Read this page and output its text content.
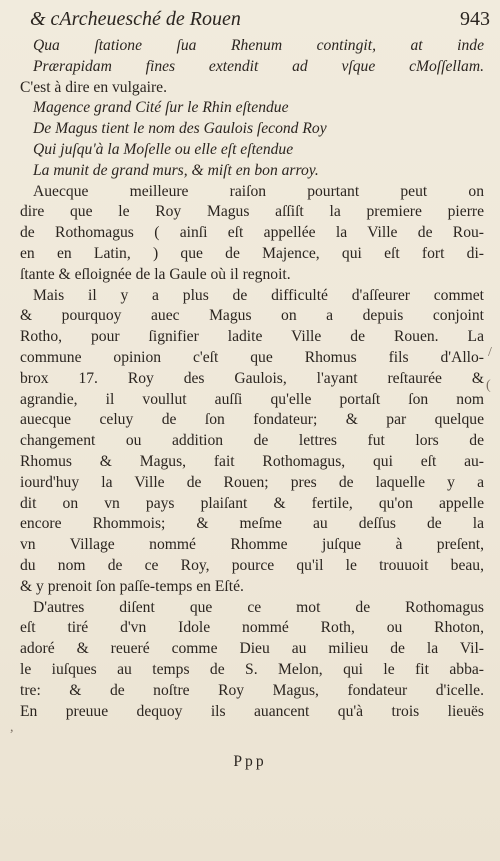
& cArcheuesché de Rouen	943
Qua ſtatione ſua Rhenum contingit, at inde
Prærapidam fines extendit ad vſque cMoſſellam.
C'est à dire en vulgaire.
Magence grand Cité ſur le Rhin eſtendue
De Magus tient le nom des Gaulois ſecond Roy
Qui juſqu'à la Moſelle ou elle eſt eſtendue
La munit de grand murs, & miſt en bon arroy.
Auecque meilleure raiſon pourtant peut on
dire que le Roy Magus aſſiſt la premiere pierre
de Rothomagus ( ainſi eſt appellée la Ville de Rou-
en en Latin, ) que de Majence, qui eſt fort di-
ſtante & eſloignée de la Gaule où il regnoit.
Mais il y a plus de difficulté d'aſſeurer commet
& pourquoy auec Magus on a depuis conjoint
Rotho, pour ſignifier ladite Ville de Rouen. La
commune opinion c'eſt que Rhomus fils d'Allo-
brox 17. Roy des Gaulois, l'ayant reſtaurée &
agrandie, il voullut auſſi qu'elle portaſt ſon nom
auecque celuy de ſon fondateur; & par quelque
changement ou addition de lettres fut lors de
Rhomus & Magus, fait Rothomagus, qui eſt au-
iourd'huy la Ville de Rouen; pres de laquelle y a
dit on vn pays plaiſant & fertile, qu'on appelle
encore Rhommois; & meſme au deſſus de la
vn Village nommé Rhomme juſque à preſent,
du nom de ce Roy, pource qu'il le trouuoit beau,
& y prenoit ſon paſſe-temps en Eſté.
D'autres diſent que ce mot de Rothomagus
eſt tiré d'vn Idole nommé Roth, ou Rhoton,
adoré & reueré comme Dieu au milieu de la Vil-
le iuſques au temps de S. Melon, qui le fit abba-
tre: & de noſtre Roy Magus, fondateur d'icelle.
En preuue dequoy ils auancent qu'à trois lieuës
Ppp
/
(
,
